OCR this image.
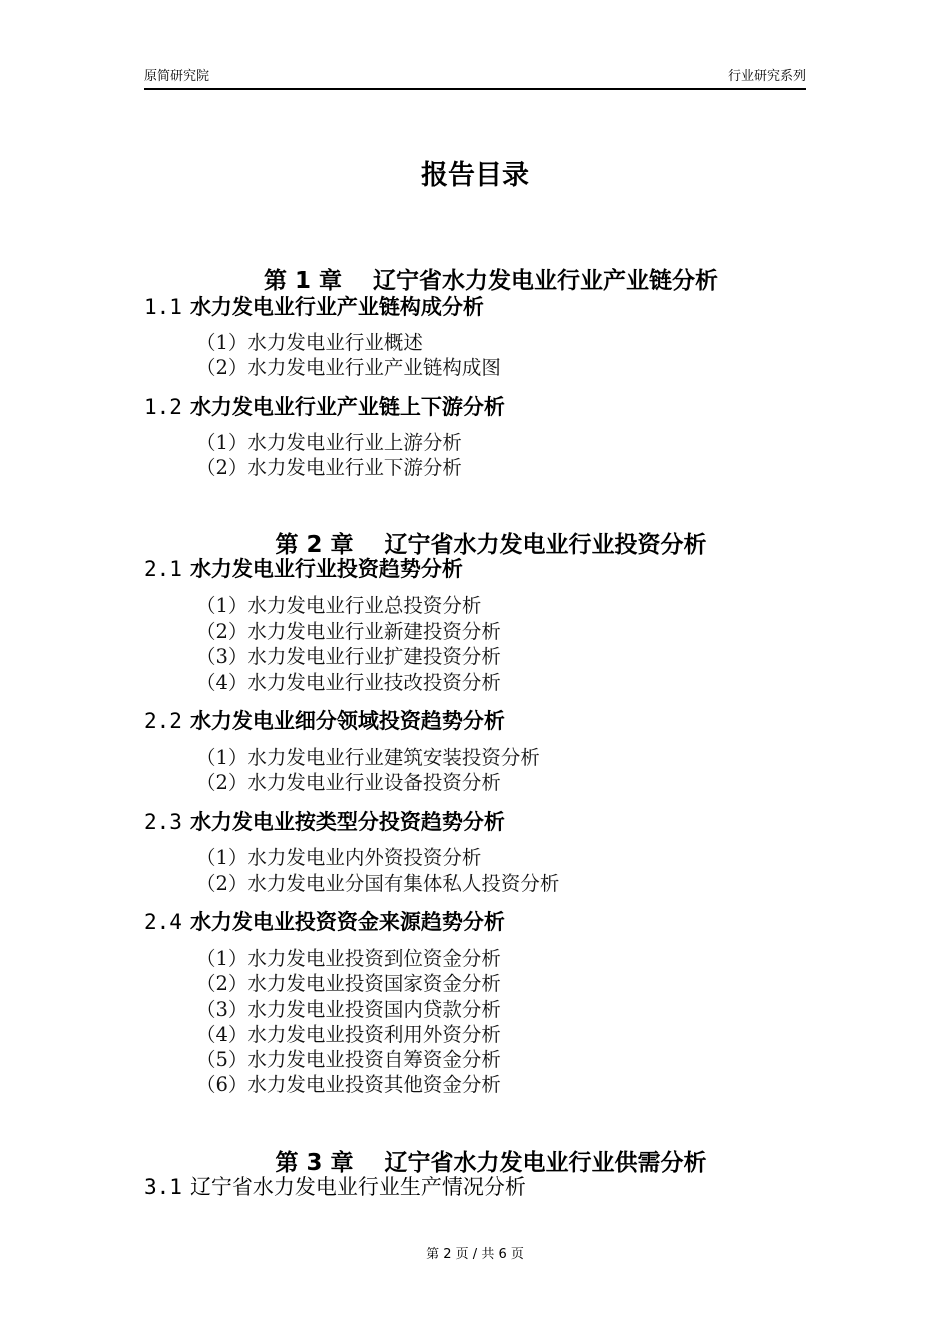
原简研究院	行业研究系列
报告目录

第 1 章　 辽宁省水力发电业行业产业链分析

1.1 水力发电业行业产业链构成分析
（1）水力发电业行业概述
（2）水力发电业行业产业链构成图
1.2 水力发电业行业产业链上下游分析
（1）水力发电业行业上游分析
（2）水力发电业行业下游分析

第 2 章　 辽宁省水力发电业行业投资分析

2.1 水力发电业行业投资趋势分析
（1）水力发电业行业总投资分析
（2）水力发电业行业新建投资分析
（3）水力发电业行业扩建投资分析
（4）水力发电业行业技改投资分析
2.2 水力发电业细分领域投资趋势分析
（1）水力发电业行业建筑安装投资分析
（2）水力发电业行业设备投资分析
2.3 水力发电业按类型分投资趋势分析
（1）水力发电业内外资投资分析
（2）水力发电业分国有集体私人投资分析
2.4 水力发电业投资资金来源趋势分析
（1）水力发电业投资到位资金分析
（2）水力发电业投资国家资金分析
（3）水力发电业投资国内贷款分析
（4）水力发电业投资利用外资分析
（5）水力发电业投资自筹资金分析
（6）水力发电业投资其他资金分析

第 3 章　 辽宁省水力发电业行业供需分析

3.1 辽宁省水力发电业行业生产情况分析
第 2 页 / 共 6 页
